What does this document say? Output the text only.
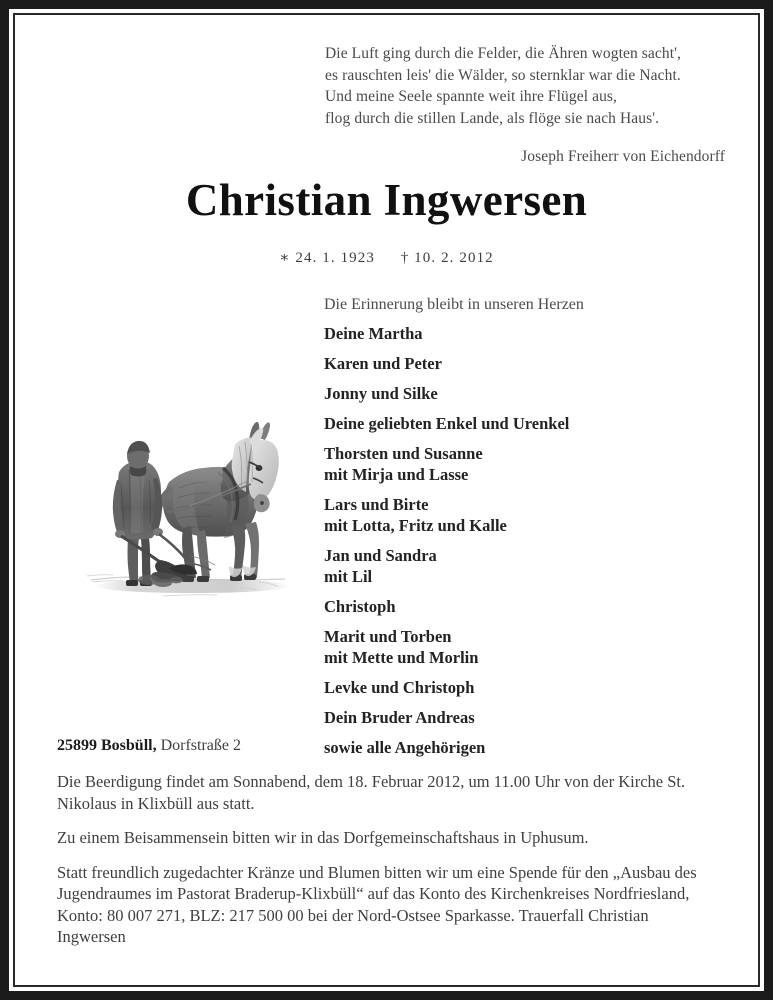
Die Luft ging durch die Felder, die Ähren wogten sacht',
es rauschten leis' die Wälder, so sternklar war die Nacht.
Und meine Seele spannte weit ihre Flügel aus,
flog durch die stillen Lande, als flöge sie nach Haus'.
Joseph Freiherr von Eichendorff
Christian Ingwersen
∗ 24. 1. 1923 † 10. 2. 2012
Die Erinnerung bleibt in unseren Herzen
Deine Martha
Karen und Peter
Jonny und Silke
Deine geliebten Enkel und Urenkel
Thorsten und Susanne
mit Mirja und Lasse
Lars und Birte
mit Lotta, Fritz und Kalle
Jan und Sandra
mit Lil
Christoph
Marit und Torben
mit Mette und Morlin
Levke und Christoph
Dein Bruder Andreas
sowie alle Angehörigen
25899 Bosbüll, Dorfstraße 2
Die Beerdigung findet am Sonnabend, dem 18. Februar 2012, um 11.00 Uhr von der Kirche St. Nikolaus in Klixbüll aus statt.
Zu einem Beisammensein bitten wir in das Dorfgemeinschaftshaus in Uphusum.
Statt freundlich zugedachter Kränze und Blumen bitten wir um eine Spende für den „Ausbau des Jugendraumes im Pastorat Braderup-Klixbüll“ auf das Konto des Kirchenkreises Nordfriesland, Konto: 80 007 271, BLZ: 217 500 00 bei der Nord-Ostsee Sparkasse. Trauerfall Christian Ingwersen
